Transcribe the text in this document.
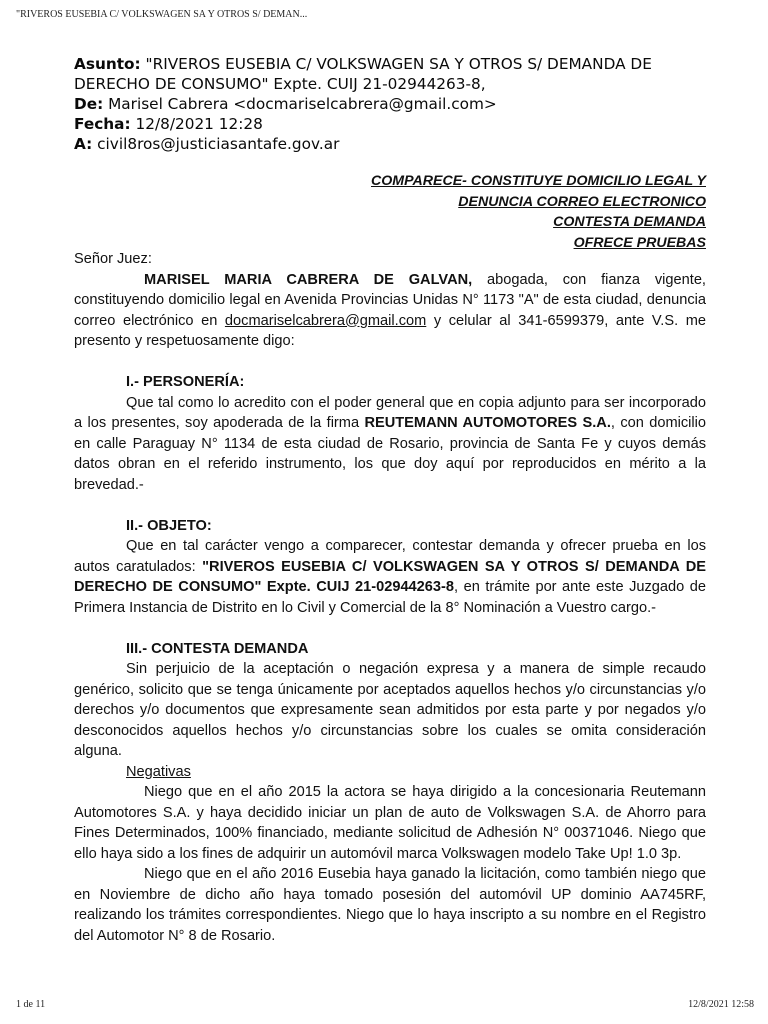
"RIVEROS EUSEBIA C/ VOLKSWAGEN SA Y OTROS S/ DEMAN...
Asunto: "RIVEROS EUSEBIA C/ VOLKSWAGEN SA Y OTROS S/ DEMANDA DE DERECHO DE CONSUMO" Expte. CUIJ 21-02944263-8,
De: Marisel Cabrera <docmariselcabrera@gmail.com>
Fecha: 12/8/2021 12:28
A: civil8ros@justiciasantafe.gov.ar
COMPARECE- CONSTITUYE DOMICILIO LEGAL Y
DENUNCIA CORREO ELECTRONICO
CONTESTA DEMANDA
OFRECE PRUEBAS

Señor Juez:

MARISEL MARIA CABRERA DE GALVAN, abogada, con fianza vigente, constituyendo domicilio legal en Avenida Provincias Unidas N° 1173 "A" de esta ciudad, denuncia correo electrónico en docmariselcabrera@gmail.com y celular al 341-6599379, ante V.S. me presento y respetuosamente digo:

I.- PERSONERÍA:

Que tal como lo acredito con el poder general que en copia adjunto para ser incorporado a los presentes, soy apoderada de la firma REUTEMANN AUTOMOTORES S.A., con domicilio en calle Paraguay N° 1134 de esta ciudad de Rosario, provincia de Santa Fe y cuyos demás datos obran en el referido instrumento, los que doy aquí por reproducidos en mérito a la brevedad.-

II.- OBJETO:

Que en tal carácter vengo a comparecer, contestar demanda y ofrecer prueba en los autos caratulados: "RIVEROS EUSEBIA C/ VOLKSWAGEN SA Y OTROS S/ DEMANDA DE DERECHO DE CONSUMO" Expte. CUIJ 21-02944263-8, en trámite por ante este Juzgado de Primera Instancia de Distrito en lo Civil y Comercial de la 8° Nominación a Vuestro cargo.-

III.- CONTESTA DEMANDA

Sin perjuicio de la aceptación o negación expresa y a manera de simple recaudo genérico, solicito que se tenga únicamente por aceptados aquellos hechos y/o circunstancias y/o derechos y/o documentos que expresamente sean admitidos por esta parte y por negados y/o desconocidos aquellos hechos y/o circunstancias sobre los cuales se omita consideración alguna.

Negativas

Niego que en el año 2015 la actora se haya dirigido a la concesionaria Reutemann Automotores S.A. y haya decidido iniciar un plan de auto de Volkswagen S.A. de Ahorro para Fines Determinados, 100% financiado, mediante solicitud de Adhesión N° 00371046. Niego que ello haya sido a los fines de adquirir un automóvil marca Volkswagen modelo Take Up! 1.0 3p.

Niego que en el año 2016 Eusebia haya ganado la licitación, como también niego que en Noviembre de dicho año haya tomado posesión del automóvil UP dominio AA745RF, realizando los trámites correspondientes. Niego que lo haya inscripto a su nombre en el Registro del Automotor N° 8 de Rosario.

1 de 11	12/8/2021 12:58
